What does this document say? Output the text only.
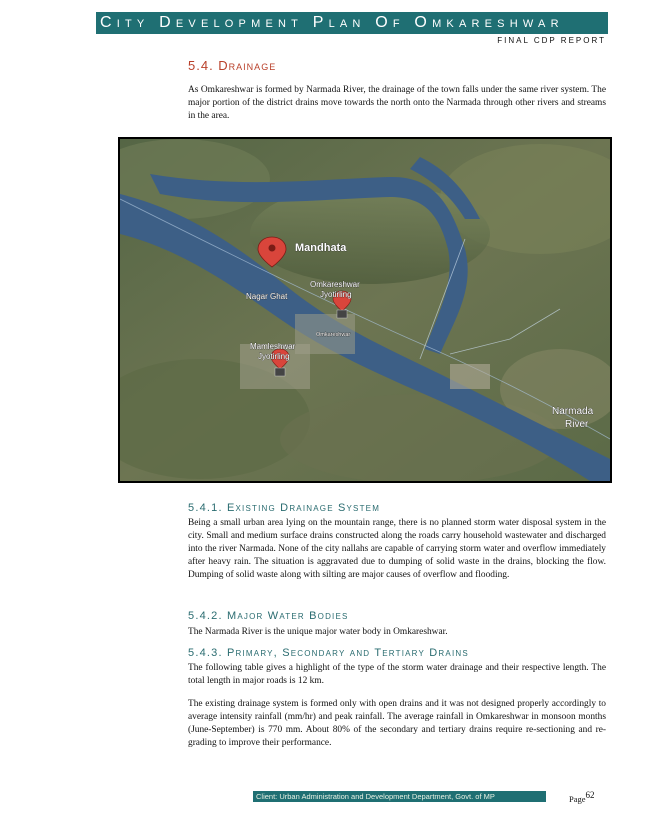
City Development Plan Of Omkareshwar
FINAL CDP REPORT
5.4. Drainage
As Omkareshwar is formed by Narmada River, the drainage of the town falls under the same river system. The major portion of the district drains move towards the north onto the Narmada through other rivers and streams in the area.
Mandhata
Omkareshwar
Jyotirling
Nagar Ghat
Omkareshwar
Mamleshwar
Jyotirling
Narmada
River
5.4.1. Existing Drainage System
Being a small urban area lying on the mountain range, there is no planned storm water disposal system in the city. Small and medium surface drains constructed along the roads carry household wastewater and discharged into the river Narmada. None of the city nallahs are capable of carrying storm water and overflow immediately after heavy rain. The situation is aggravated due to dumping of solid waste in the drains, blocking the flow. Dumping of solid waste along with silting are major causes of overflow and flooding.
5.4.2. Major Water Bodies
The Narmada River is the unique major water body in Omkareshwar.
5.4.3. Primary, Secondary and Tertiary Drains
The following table gives a highlight of the type of the storm water drainage and their respective length. The total length in major roads is 12 km.
The existing drainage system is formed only with open drains and it was not designed properly accordingly to average intensity rainfall (mm/hr) and peak rainfall. The average rainfall in Omkareshwar in monsoon months (June-September) is 770 mm. About 80% of the secondary and tertiary drains require re-sectioning and re-grading to improve their performance.
Client: Urban Administration and Development Department, Govt. of MP	Page$^{62}$
